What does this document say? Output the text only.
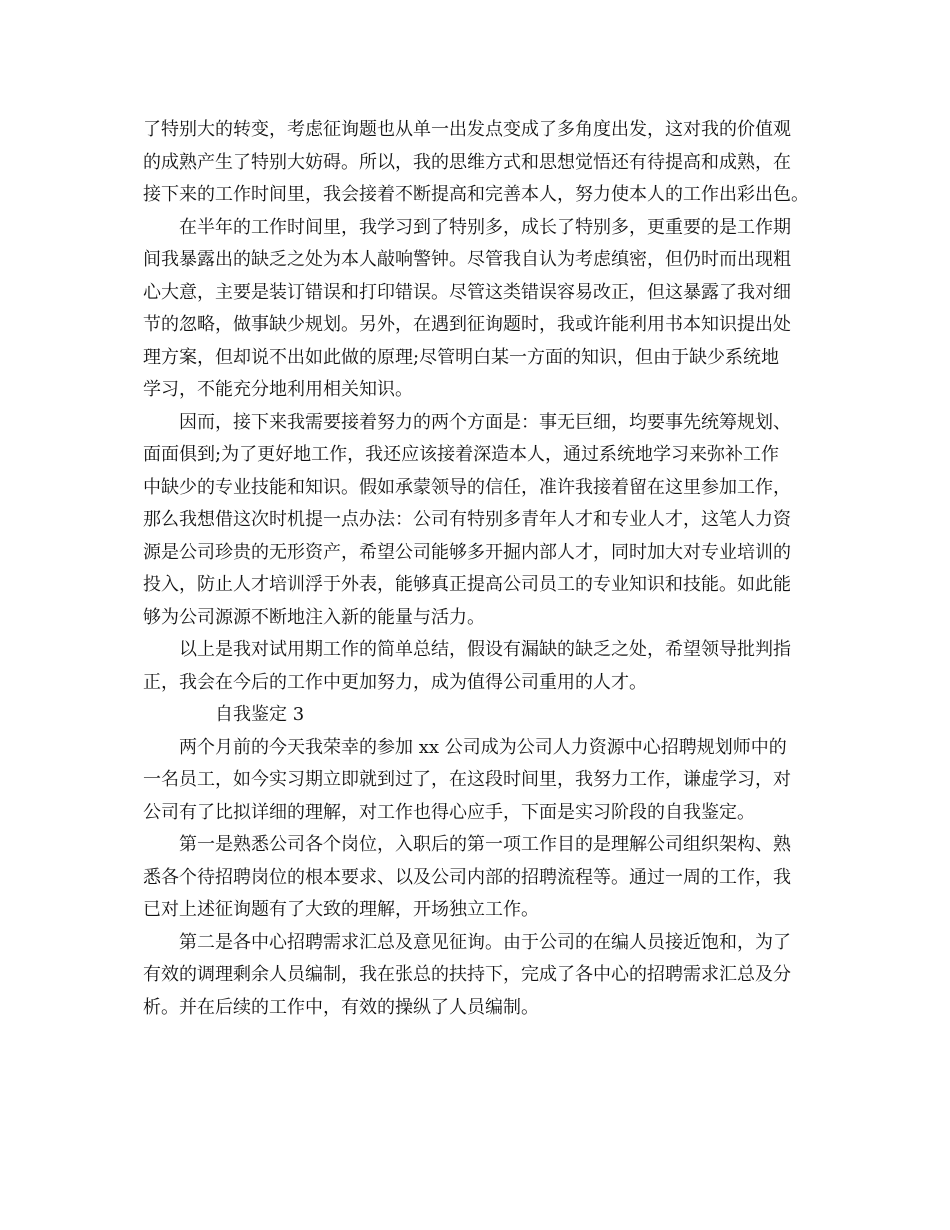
了特别大的转变，考虑征询题也从单一出发点变成了多角度出发，这对我的价值观
的成熟产生了特别大妨碍。所以，我的思维方式和思想觉悟还有待提高和成熟，在
接下来的工作时间里，我会接着不断提高和完善本人，努力使本人的工作出彩出色。
在半年的工作时间里，我学习到了特别多，成长了特别多，更重要的是工作期
间我暴露出的缺乏之处为本人敲响警钟。尽管我自认为考虑缜密，但仍时而出现粗
心大意，主要是装订错误和打印错误。尽管这类错误容易改正，但这暴露了我对细
节的忽略，做事缺少规划。另外，在遇到征询题时，我或许能利用书本知识提出处
理方案，但却说不出如此做的原理;尽管明白某一方面的知识，但由于缺少系统地
学习，不能充分地利用相关知识。
因而，接下来我需要接着努力的两个方面是：事无巨细，均要事先统筹规划、
面面俱到;为了更好地工作，我还应该接着深造本人，通过系统地学习来弥补工作
中缺少的专业技能和知识。假如承蒙领导的信任，准许我接着留在这里参加工作，
那么我想借这次时机提一点办法：公司有特别多青年人才和专业人才，这笔人力资
源是公司珍贵的无形资产，希望公司能够多开掘内部人才，同时加大对专业培训的
投入，防止人才培训浮于外表，能够真正提高公司员工的专业知识和技能。如此能
够为公司源源不断地注入新的能量与活力。
以上是我对试用期工作的简单总结，假设有漏缺的缺乏之处，希望领导批判指
正，我会在今后的工作中更加努力，成为值得公司重用的人才。
自我鉴定 3
两个月前的今天我荣幸的参加 xx 公司成为公司人力资源中心招聘规划师中的
一名员工，如今实习期立即就到过了，在这段时间里，我努力工作，谦虚学习，对
公司有了比拟详细的理解，对工作也得心应手，下面是实习阶段的自我鉴定。
第一是熟悉公司各个岗位，入职后的第一项工作目的是理解公司组织架构、熟
悉各个待招聘岗位的根本要求、以及公司内部的招聘流程等。通过一周的工作，我
已对上述征询题有了大致的理解，开场独立工作。
第二是各中心招聘需求汇总及意见征询。由于公司的在编人员接近饱和，为了
有效的调理剩余人员编制，我在张总的扶持下，完成了各中心的招聘需求汇总及分
析。并在后续的工作中，有效的操纵了人员编制。
